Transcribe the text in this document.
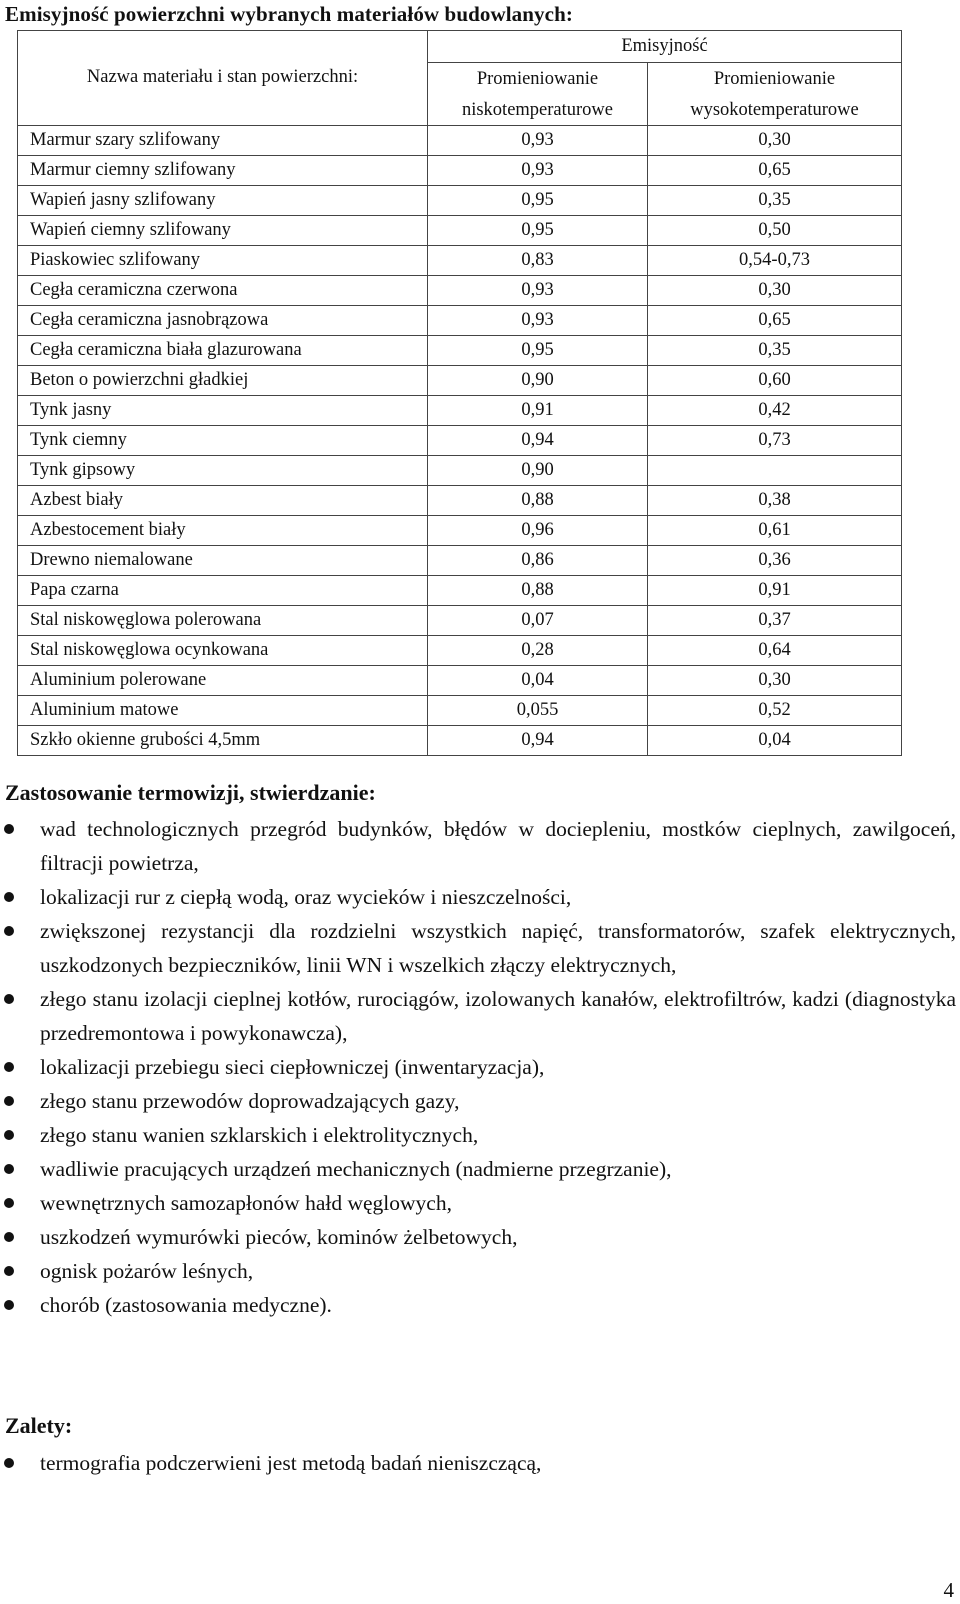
Emisyjność powierzchni wybranych materiałów budowlanych:
Nazwa materiału i stan powierzchni:	Emisyjność	
	Promieniowanie	Promieniowanie
	niskotemperaturowe	wysokotemperaturowe
Marmur szary szlifowany	0,93	0,30
Marmur ciemny szlifowany	0,93	0,65
Wapień jasny szlifowany	0,95	0,35
Wapień ciemny szlifowany	0,95	0,50
Piaskowiec szlifowany	0,83	0,54-0,73
Cegła ceramiczna czerwona	0,93	0,30
Cegła ceramiczna jasnobrązowa	0,93	0,65
Cegła ceramiczna biała glazurowana	0,95	0,35
Beton o powierzchni gładkiej	0,90	0,60
Tynk jasny	0,91	0,42
Tynk ciemny	0,94	0,73
Tynk gipsowy	0,90	
Azbest biały	0,88	0,38
Azbestocement biały	0,96	0,61
Drewno niemalowane	0,86	0,36
Papa czarna	0,88	0,91
Stal niskowęglowa polerowana	0,07	0,37
Stal niskowęglowa ocynkowana	0,28	0,64
Aluminium polerowane	0,04	0,30
Aluminium matowe	0,055	0,52
Szkło okienne grubości 4,5mm	0,94	0,04
Zastosowanie termowizji, stwierdzanie:
wad technologicznych przegród budynków, błędów w dociepleniu, mostków cieplnych, zawilgoceń, filtracji powietrza,
lokalizacji rur z ciepłą wodą, oraz wycieków i nieszczelności,
zwiększonej rezystancji dla rozdzielni wszystkich napięć, transformatorów, szafek elektrycznych, uszkodzonych bezpieczników, linii WN i wszelkich złączy elektrycznych,
złego stanu izolacji cieplnej kotłów, rurociągów, izolowanych kanałów, elektrofiltrów, kadzi (diagnostyka przedremontowa i powykonawcza),
lokalizacji przebiegu sieci ciepłowniczej (inwentaryzacja),
złego stanu przewodów doprowadzających gazy,
złego stanu wanien szklarskich i elektrolitycznych,
wadliwie pracujących urządzeń mechanicznych (nadmierne przegrzanie),
wewnętrznych samozapłonów hałd węglowych,
uszkodzeń wymurówki pieców, kominów żelbetowych,
ognisk pożarów leśnych,
chorób (zastosowania medyczne).
Zalety:
termografia podczerwieni jest metodą badań nieniszczącą,
4
